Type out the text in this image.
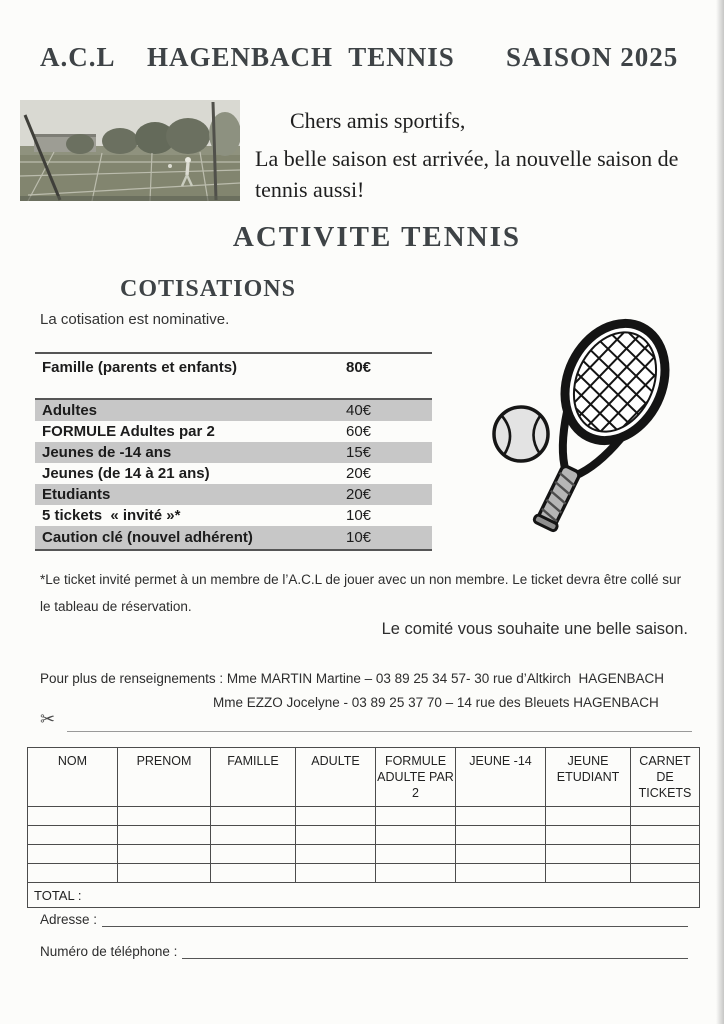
A.C.L  HAGENBACH TENNIS SAISON 2025
Chers amis sportifs,
La belle saison est arrivée, la nouvelle saison de tennis aussi!
ACTIVITE TENNIS
COTISATIONS
La cotisation est nominative.
Famille (parents et enfants)	80€
Adultes	40€
FORMULE Adultes par 2	60€
Jeunes de -14 ans	15€
Jeunes (de 14 à 21 ans)	20€
Etudiants	20€
5 tickets  « invité »*	10€
Caution clé (nouvel adhérent)	10€
*Le ticket invité permet à un membre de l’A.C.L de jouer avec un non membre. Le ticket devra être collé sur le tableau de réservation.
Le comité vous souhaite une belle saison.
Pour plus de renseignements : Mme MARTIN Martine – 03 89 25 34 57- 30 rue d’Altkirch  HAGENBACH
Mme EZZO Jocelyne - 03 89 25 37 70 – 14 rue des Bleuets HAGENBACH
✂
NOM	PRENOM	FAMILLE	ADULTE	FORMULE ADULTE PAR 2	JEUNE -14	JEUNE ETUDIANT	CARNET DE TICKETS

TOTAL :							
Adresse :
Numéro de téléphone :
